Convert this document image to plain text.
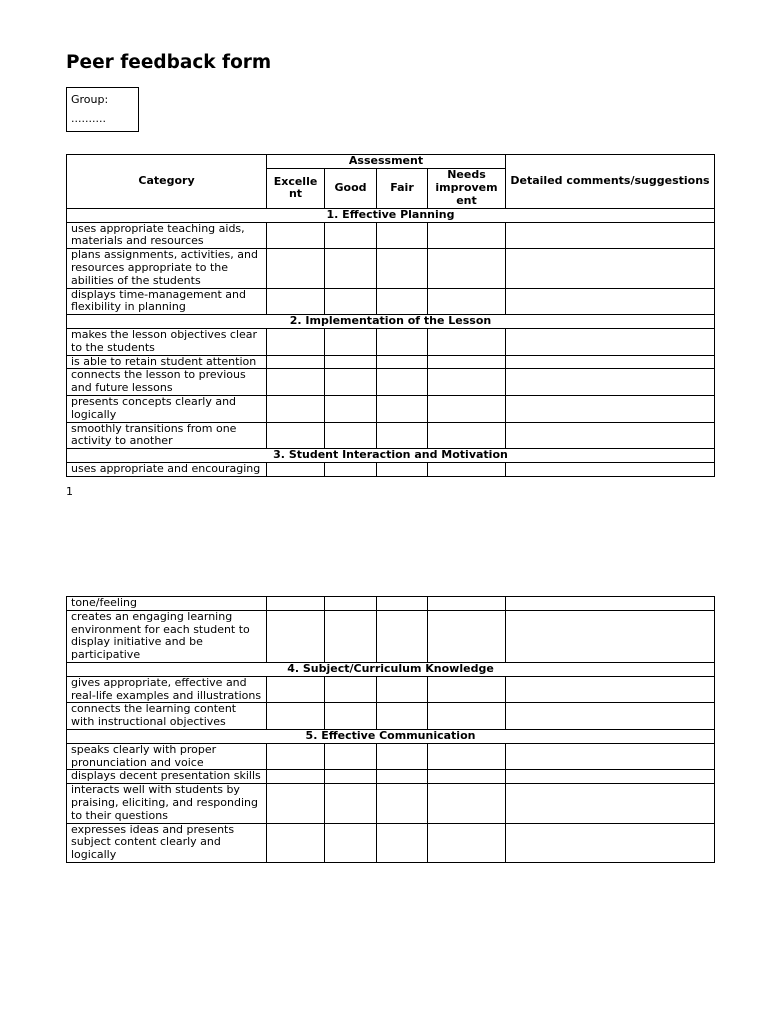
Peer feedback form
Group:
..........
Category	Assessment				Detailed comments/suggestions
	Excelle nt	Good	Fair	Needs improvem ent	
1. Effective Planning					
uses appropriate teaching aids, materials and resources					
plans assignments, activities, and resources appropriate to the abilities of the students					
displays time-management and flexibility in planning					
2. Implementation of the Lesson					
makes the lesson objectives clear to the students					
is able to retain student attention					
connects the lesson to previous and future lessons					
presents concepts clearly and logically					
smoothly transitions from one activity to another					
3. Student Interaction and Motivation					
uses appropriate and encouraging					
1
tone/feeling					
creates an engaging learning environment for each student to display initiative and be participative					
4. Subject/Curriculum Knowledge					
gives appropriate, effective and real-life examples and illustrations					
connects the learning content with instructional objectives					
5. Effective Communication					
speaks clearly with proper pronunciation and voice					
displays decent presentation skills					
interacts well with students by praising, eliciting, and responding to their questions					
expresses ideas and presents subject content clearly and logically					
